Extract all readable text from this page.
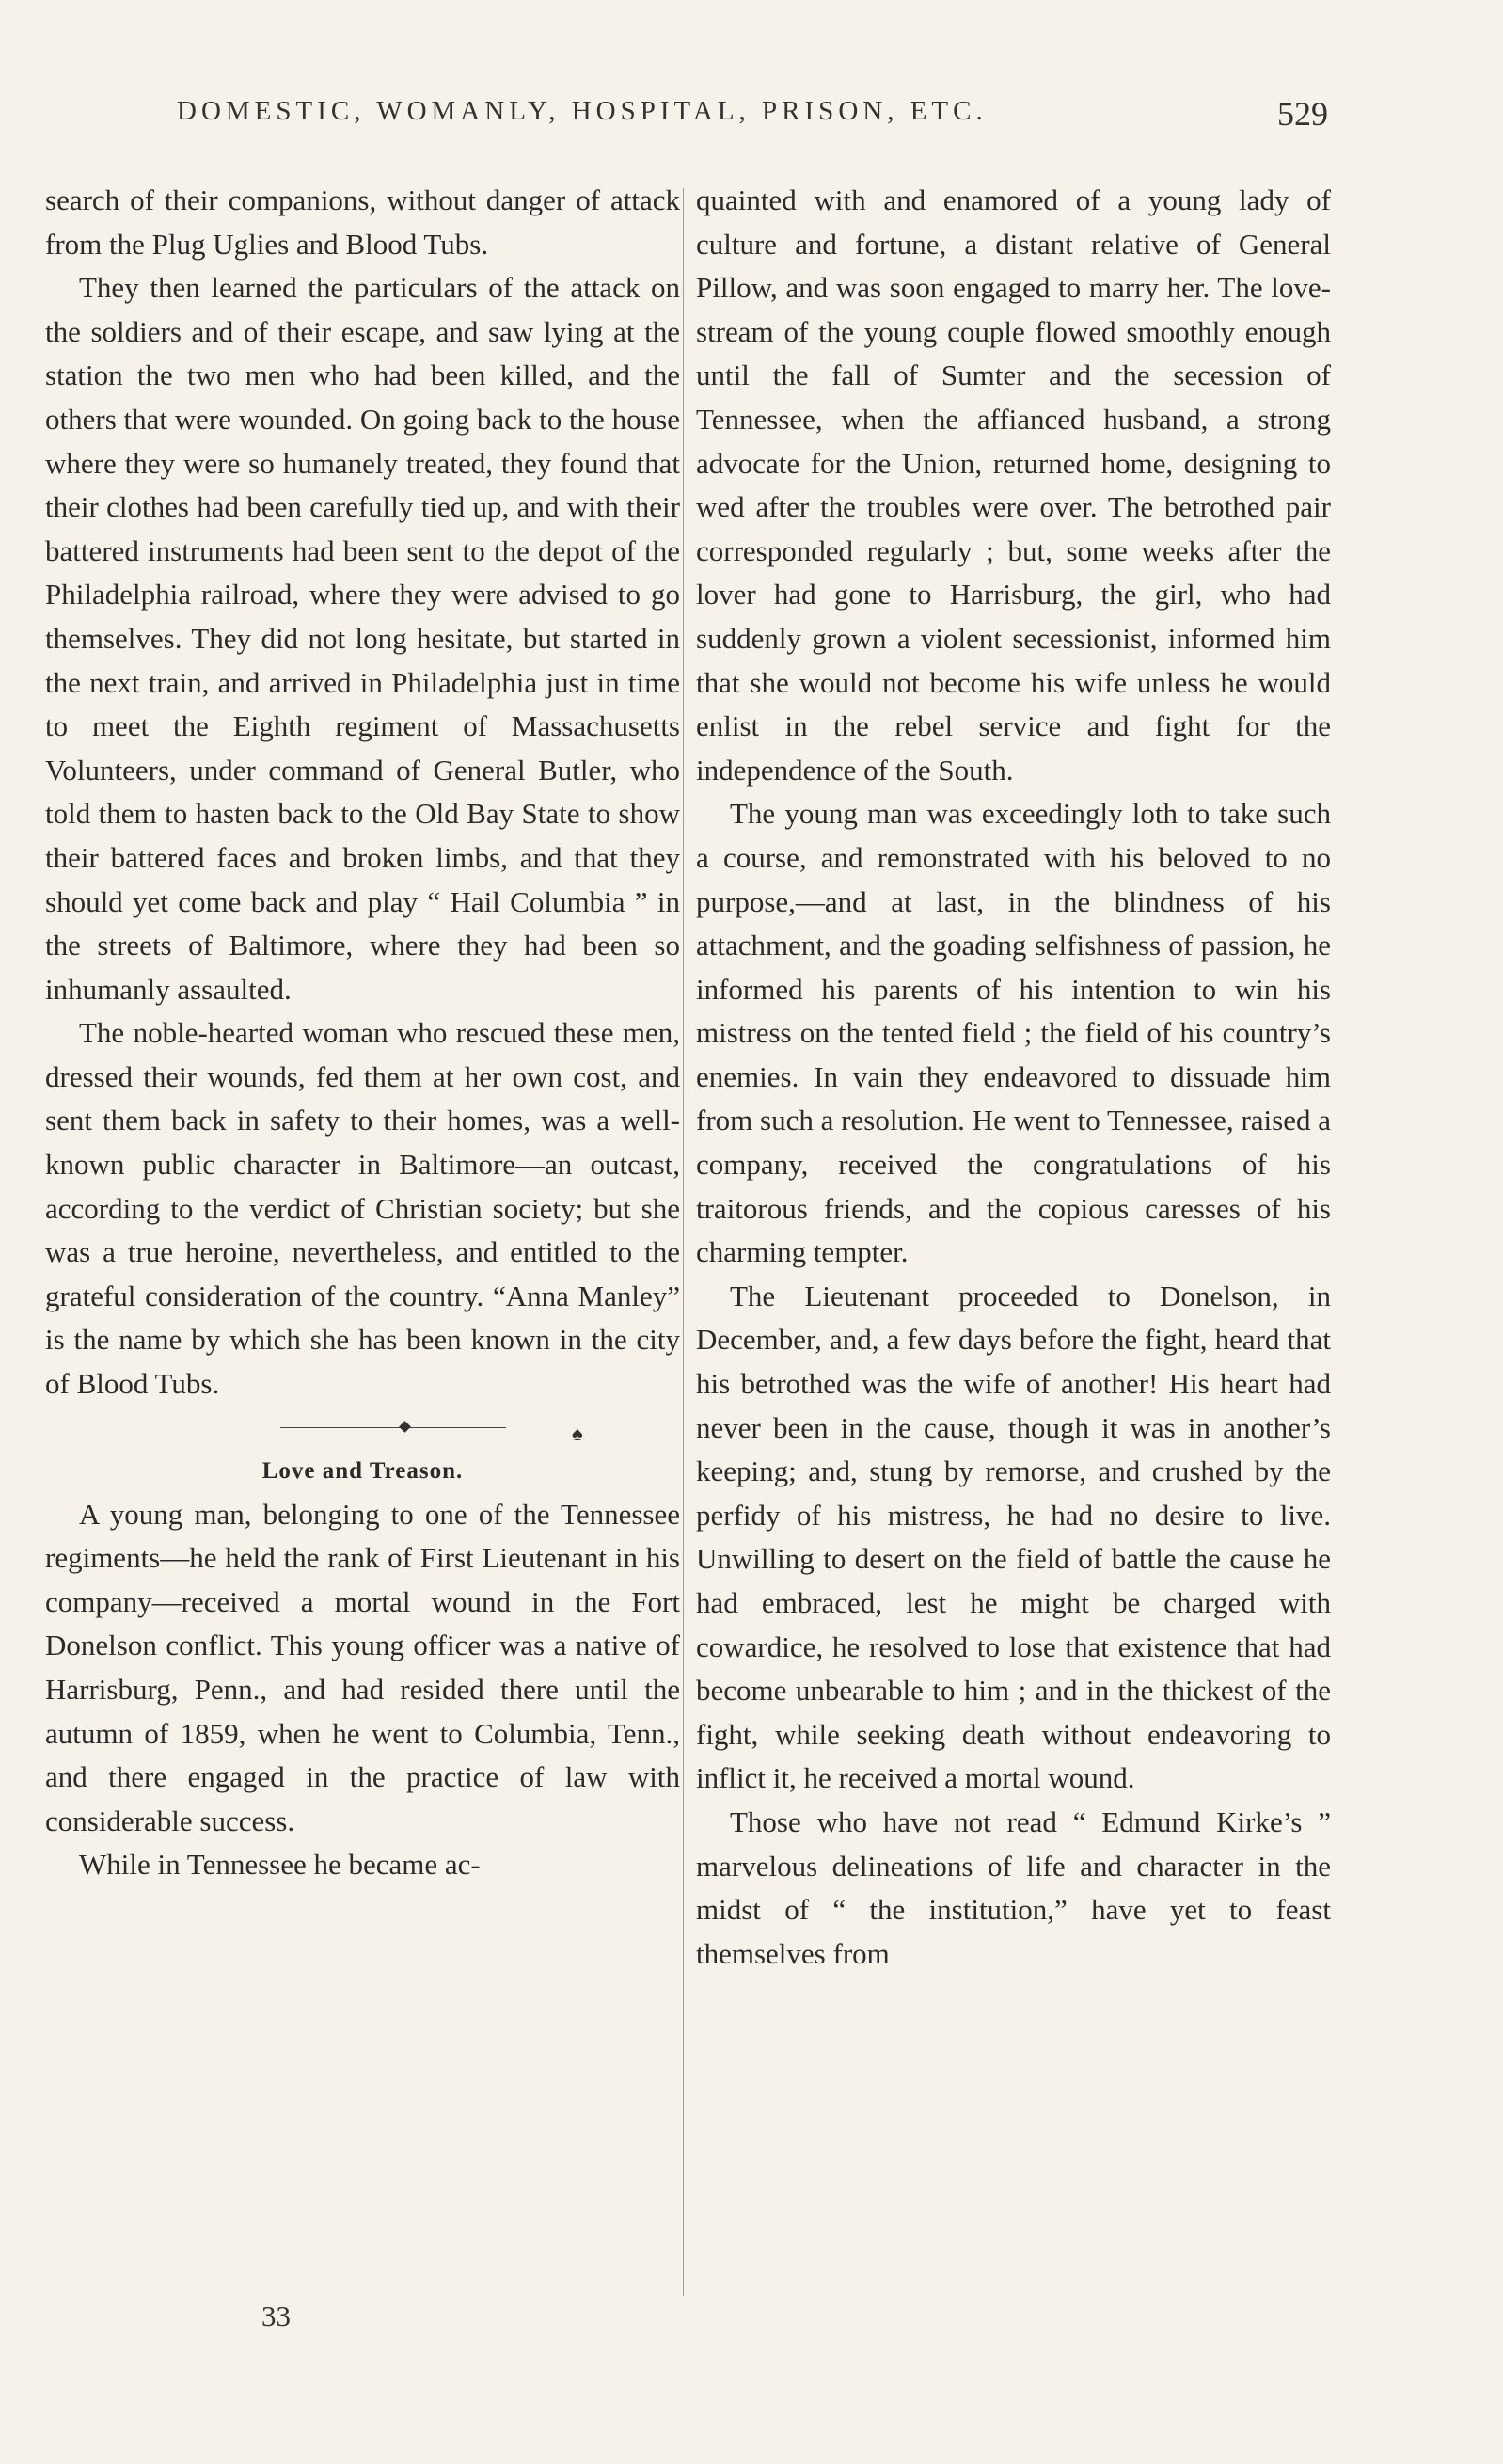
DOMESTIC, WOMANLY, HOSPITAL, PRISON, ETC.	529

search of their companions, without danger of attack from the Plug Uglies and Blood Tubs.

They then learned the particulars of the attack on the soldiers and of their escape, and saw lying at the station the two men who had been killed, and the others that were wounded. On going back to the house where they were so humanely treated, they found that their clothes had been carefully tied up, and with their battered instruments had been sent to the depot of the Philadelphia railroad, where they were advised to go themselves. They did not long hesitate, but started in the next train, and arrived in Philadelphia just in time to meet the Eighth regiment of Massachusetts Volunteers, under command of General Butler, who told them to hasten back to the Old Bay State to show their battered faces and broken limbs, and that they should yet come back and play “ Hail Columbia ” in the streets of Baltimore, where they had been so inhumanly assaulted.

The noble-hearted woman who rescued these men, dressed their wounds, fed them at her own cost, and sent them back in safety to their homes, was a well-known public character in Baltimore—an outcast, according to the verdict of Christian society; but she was a true heroine, nevertheless, and entitled to the grateful consideration of the country. “Anna Manley” is the name by which she has been known in the city of Blood Tubs.

♠

Love and Treason.

A young man, belonging to one of the Tennessee regiments—he held the rank of First Lieutenant in his company—received a mortal wound in the Fort Donelson conflict. This young officer was a native of Harrisburg, Penn., and had resided there until the autumn of 1859, when he went to Columbia, Tenn., and there engaged in the practice of law with considerable success.

While in Tennessee he became ac-

quainted with and enamored of a young lady of culture and fortune, a distant relative of General Pillow, and was soon engaged to marry her. The love-stream of the young couple flowed smoothly enough until the fall of Sumter and the secession of Tennessee, when the affianced husband, a strong advocate for the Union, returned home, designing to wed after the troubles were over. The betrothed pair corresponded regularly ; but, some weeks after the lover had gone to Harrisburg, the girl, who had suddenly grown a violent secessionist, informed him that she would not become his wife unless he would enlist in the rebel service and fight for the independence of the South.

The young man was exceedingly loth to take such a course, and remonstrated with his beloved to no purpose,—and at last, in the blindness of his attachment, and the goading selfishness of passion, he informed his parents of his intention to win his mistress on the tented field ; the field of his country’s enemies. In vain they endeavored to dissuade him from such a resolution. He went to Tennessee, raised a company, received the congratulations of his traitorous friends, and the copious caresses of his charming tempter.

The Lieutenant proceeded to Donelson, in December, and, a few days before the fight, heard that his betrothed was the wife of another! His heart had never been in the cause, though it was in another’s keeping; and, stung by remorse, and crushed by the perfidy of his mistress, he had no desire to live. Unwilling to desert on the field of battle the cause he had embraced, lest he might be charged with cowardice, he resolved to lose that existence that had become unbearable to him ; and in the thickest of the fight, while seeking death without endeavoring to inflict it, he received a mortal wound.

Those who have not read “ Edmund Kirke’s ” marvelous delineations of life and character in the midst of “ the institution,” have yet to feast themselves from

33
